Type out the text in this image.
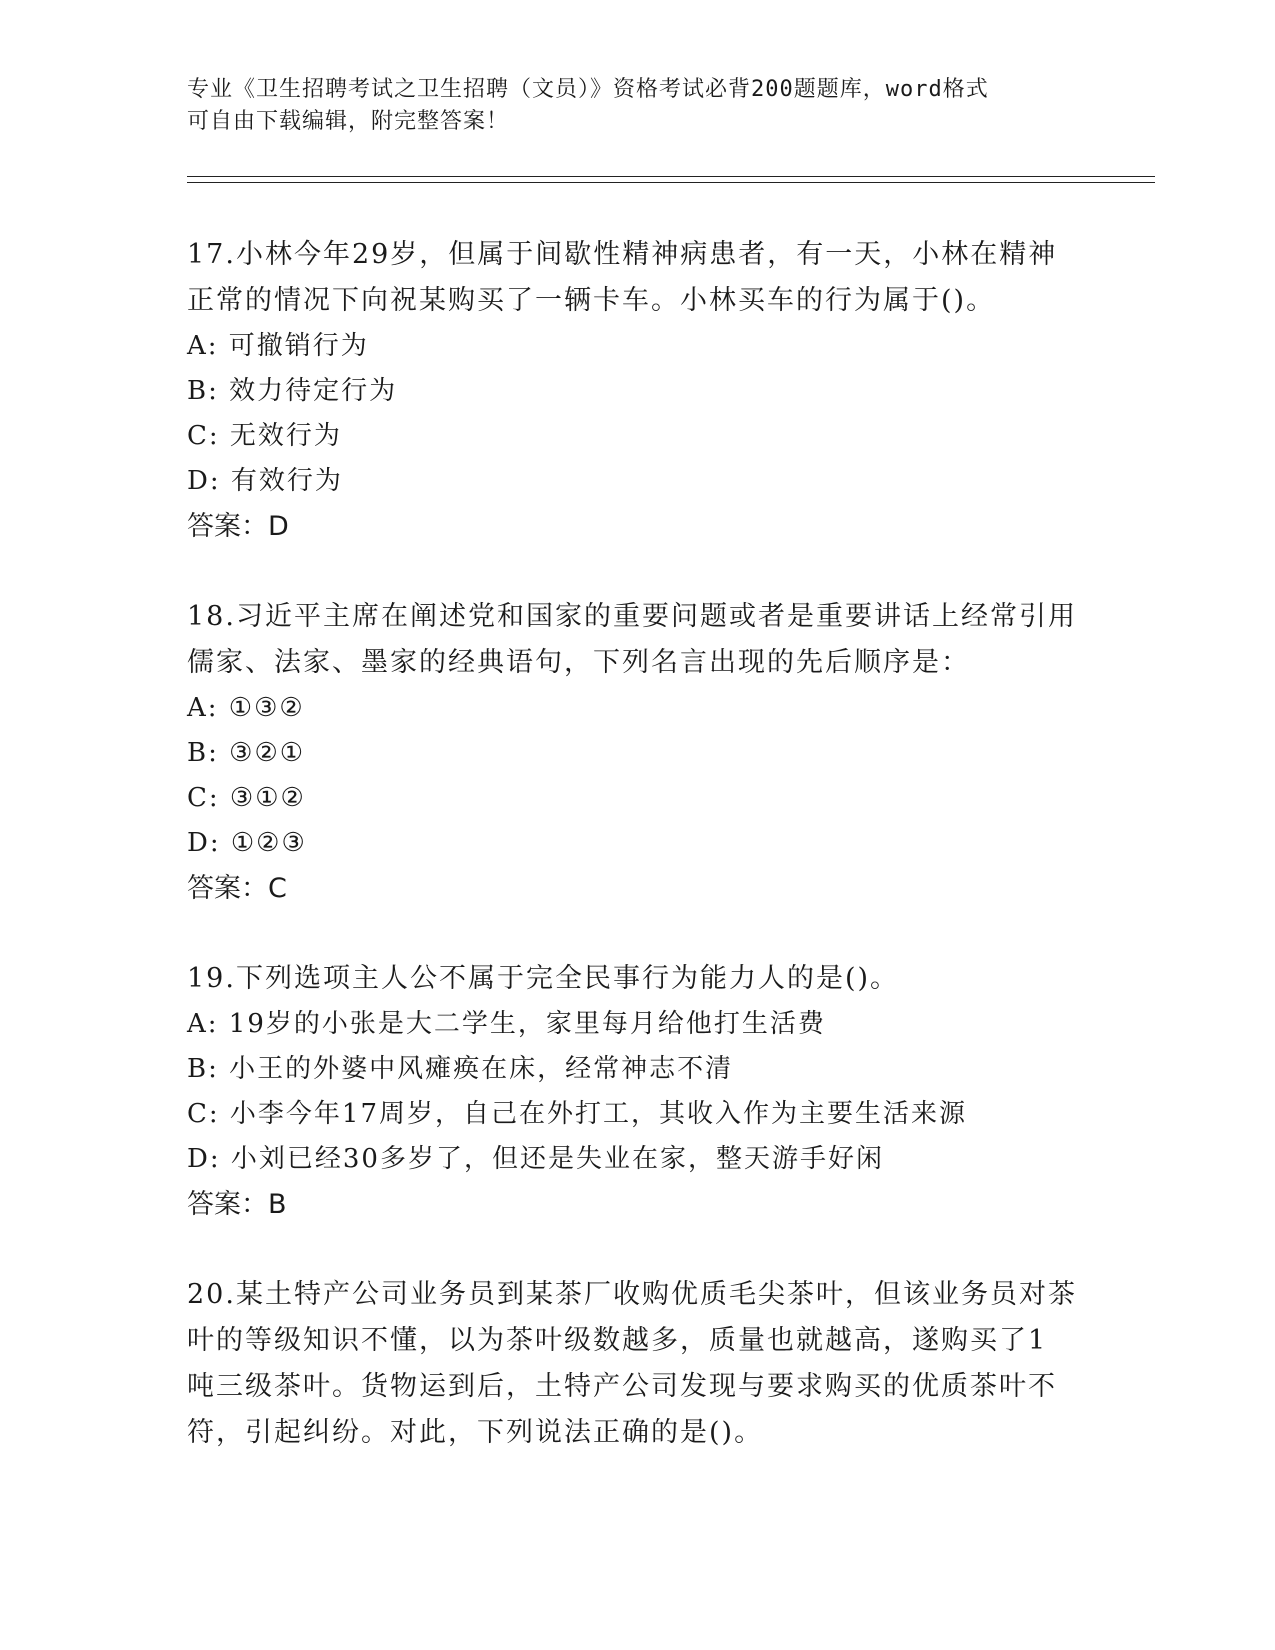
专业《卫生招聘考试之卫生招聘（文员）》资格考试必背200题题库，word格式
可自由下载编辑，附完整答案！
17.小林今年29岁，但属于间歇性精神病患者，有一天，小林在精神
正常的情况下向祝某购买了一辆卡车。小林买车的行为属于()。
A: 可撤销行为
B: 效力待定行为
C: 无效行为
D: 有效行为
答案：D
18.习近平主席在阐述党和国家的重要问题或者是重要讲话上经常引用
儒家、法家、墨家的经典语句，下列名言出现的先后顺序是：
A: ①③②
B: ③②①
C: ③①②
D: ①②③
答案：C
19.下列选项主人公不属于完全民事行为能力人的是()。
A: 19岁的小张是大二学生，家里每月给他打生活费
B: 小王的外婆中风瘫痪在床，经常神志不清
C: 小李今年17周岁，自己在外打工，其收入作为主要生活来源
D: 小刘已经30多岁了，但还是失业在家，整天游手好闲
答案：B
20.某土特产公司业务员到某茶厂收购优质毛尖茶叶，但该业务员对茶
叶的等级知识不懂，以为茶叶级数越多，质量也就越高，遂购买了1
吨三级茶叶。货物运到后，土特产公司发现与要求购买的优质茶叶不
符，引起纠纷。对此，下列说法正确的是()。
